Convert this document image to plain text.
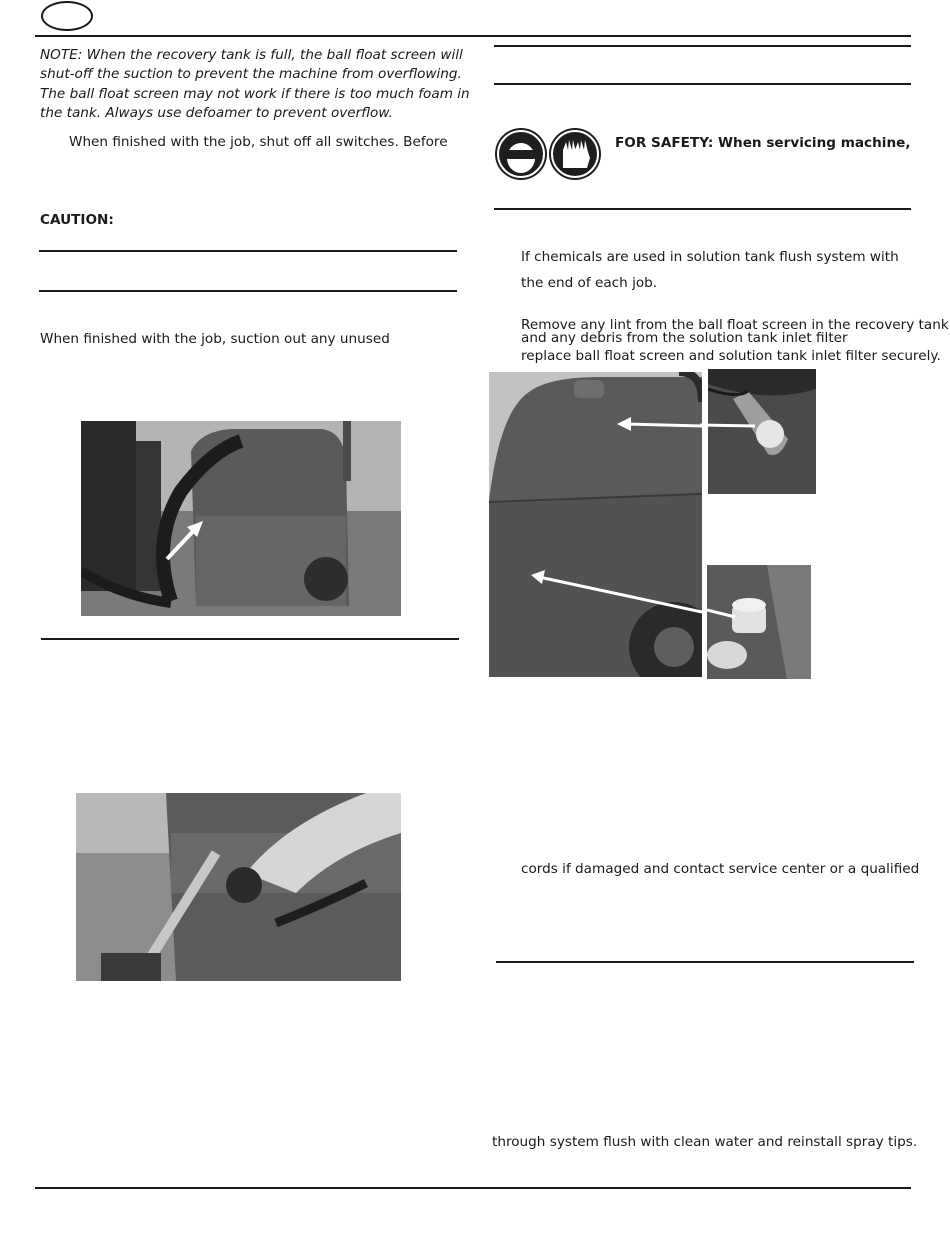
NOTE: When the recovery tank is full, the ball float screen will
shut-off the suction to prevent the machine from overflowing.
The ball float screen may not work if there is too much foam in
the tank. Always use defoamer to prevent overflow.
When finished with the job, shut off all switches. Before
CAUTION:
When finished with the job, suction out any unused
FOR SAFETY: When servicing machine,
If chemicals are used in solution tank flush system with
the end of each job.
Remove any lint from the ball float screen in the recovery tank
and any debris from the solution tank inlet filter
replace ball float screen and solution tank inlet filter securely.
cords if damaged and contact service center or a qualified
through system flush with clean water and reinstall spray tips.
